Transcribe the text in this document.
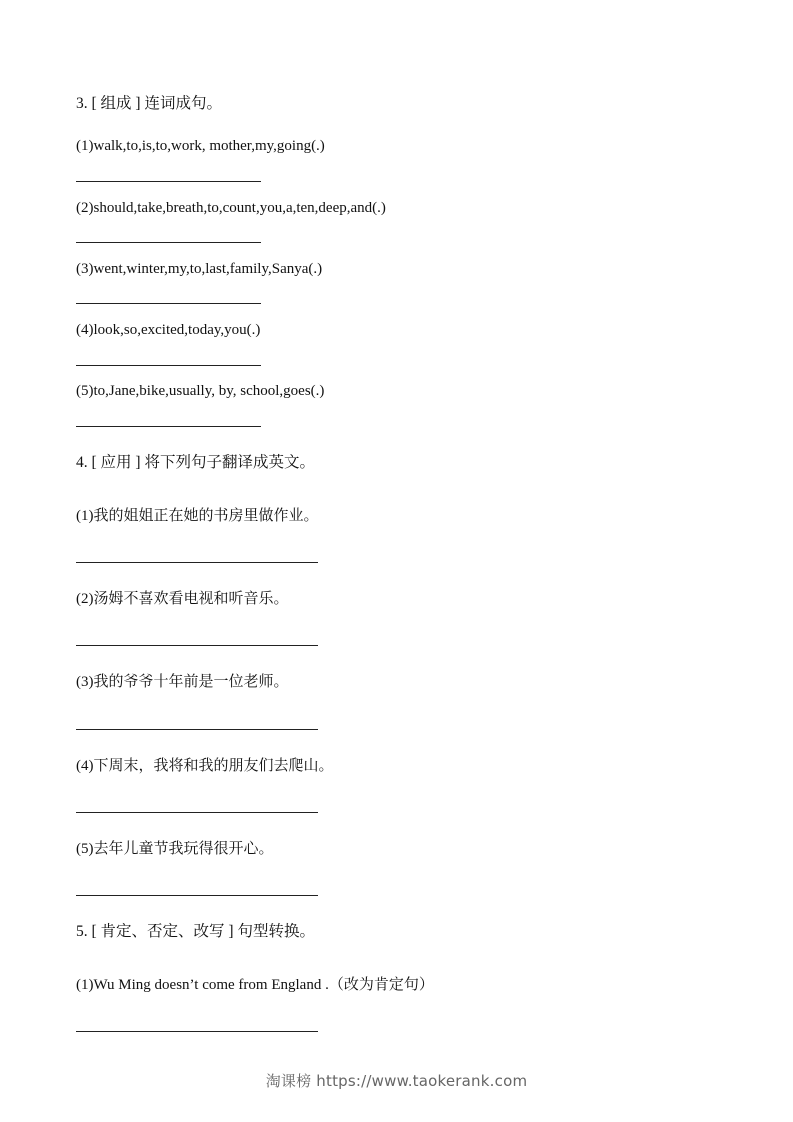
3. [ 组成 ] 连词成句。
(1)walk,to,is,to,work, mother,my,going(.)
(2)should,take,breath,to,count,you,a,ten,deep,and(.)
(3)went,winter,my,to,last,family,Sanya(.)
(4)look,so,excited,today,you(.)
(5)to,Jane,bike,usually, by, school,goes(.)
4. [ 应用 ] 将下列句子翻译成英文。
(1)我的姐姐正在她的书房里做作业。
(2)汤姆不喜欢看电视和听音乐。
(3)我的爷爷十年前是一位老师。
(4)下周末，我将和我的朋友们去爬山。
(5)去年儿童节我玩得很开心。
5. [ 肯定、否定、改写 ] 句型转换。
(1)Wu Ming doesn’t come from England .（改为肯定句）
淘课榜 https://www.taokerank.com
